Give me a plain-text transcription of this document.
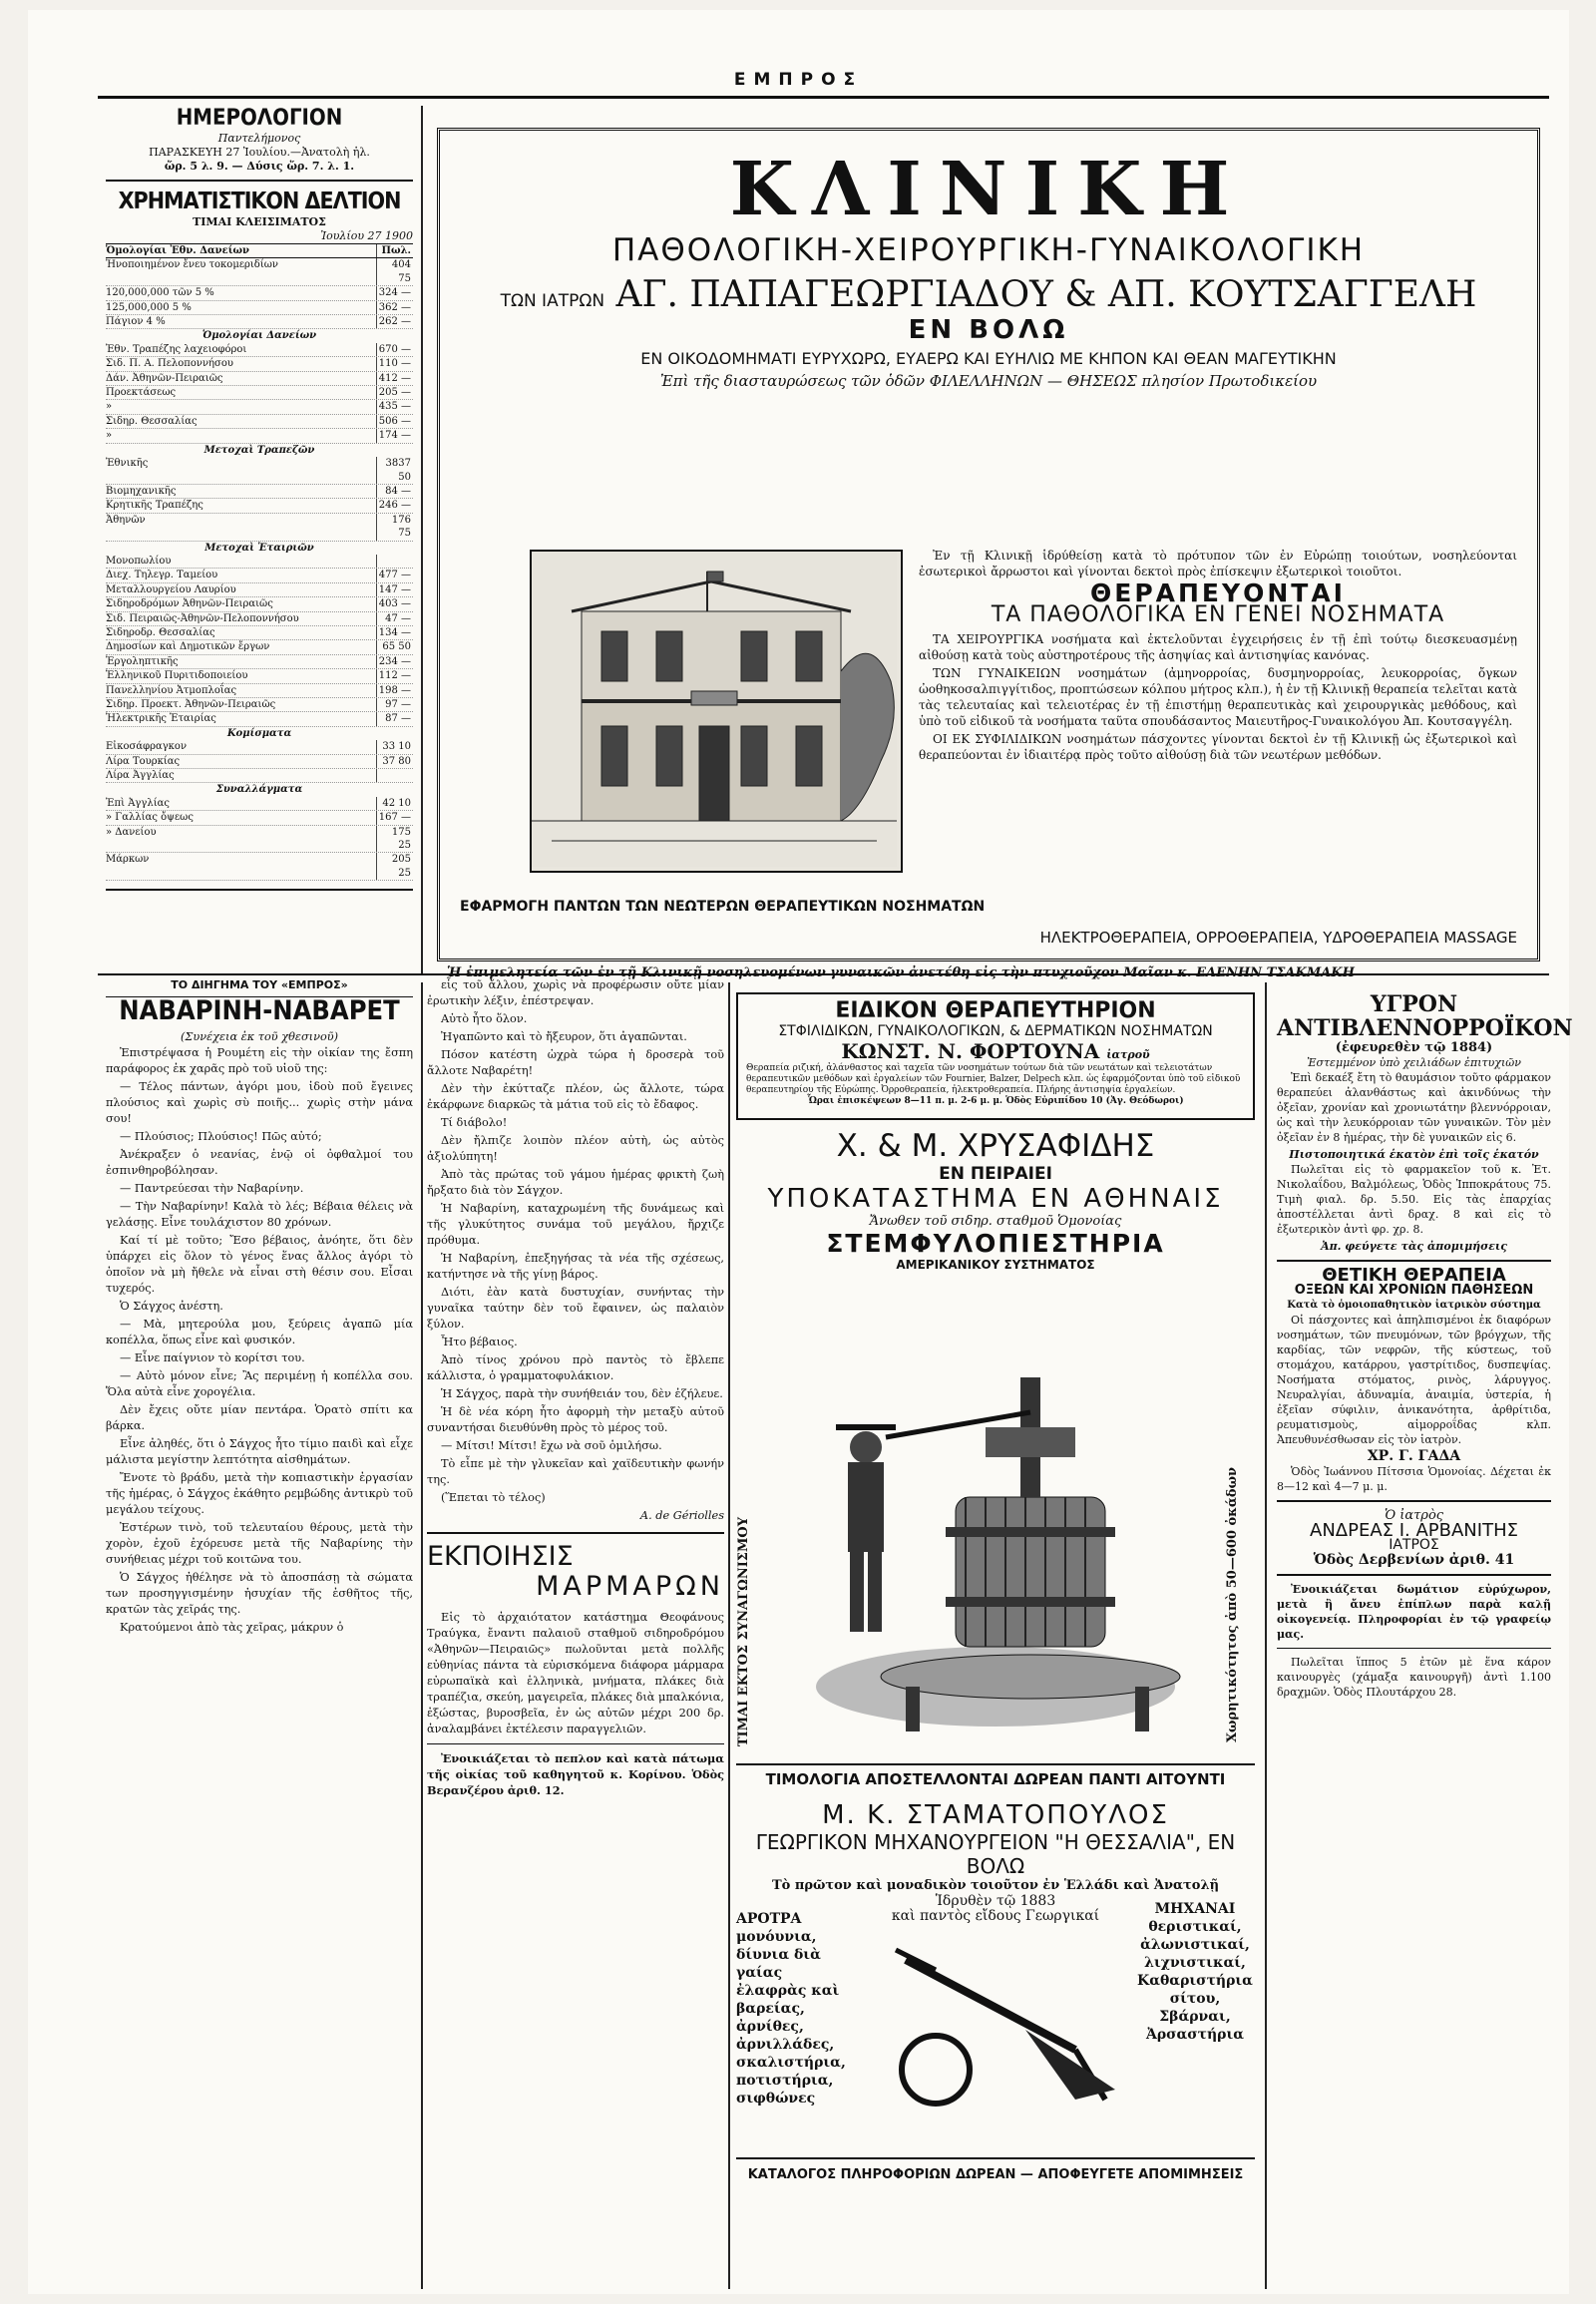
ΕΜΠΡΟΣ
ΗΜΕΡΟΛΟΓΙΟΝ
Παντελήμονος
ΠΑΡΑΣΚΕΥΗ 27 Ἰουλίου.—Ἀνατολὴ ἡλ.
ὥρ. 5 λ. 9. — Δύσις ὥρ. 7. λ. 1.
ΧΡΗΜΑΤΙΣΤΙΚΟΝ ΔΕΛΤΙΟΝ
ΤΙΜΑΙ ΚΛΕΙΣΙΜΑΤΟΣ
Ἰουλίου 27 1900
Ὁμολογίαι Ἐθν. Δανείων	Πωλ.
Ἠνοποιημένον ἔνευ τοκομεριδίων	404 75
120,000,000 τῶν 5 %	324 —
125,000,000 5 %	362 —
Πάγιον 4 %	262 —
Ὁμολογίαι Δανείων
Ἐθν. Τραπέζης λαχειοφόροι	670 —
Σιδ. Π. Α. Πελοποννήσου	110 —
Δάν. Ἀθηνῶν-Πειραιῶς	412 —
Προεκτάσεως	205 —
»	435 —
Σιδηρ. Θεσσαλίας	506 —
»	174 —
Μετοχαὶ Τραπεζῶν
Ἐθνικῆς	3837 50
Βιομηχανικῆς	84 —
Κρητικῆς Τραπέζης	246 —
Ἀθηνῶν	176 75
Μετοχαὶ Ἑταιριῶν
Μονοπωλίου
Διεχ. Τηλεγρ. Ταμείου	477 —
Μεταλλουργείου Λαυρίου	147 —
Σιδηροδρόμων Ἀθηνῶν-Πειραιῶς	403 —
Σιδ. Πειραιῶς-Ἀθηνῶν-Πελοποννήσου	47 —
Σιδηροδρ. Θεσσαλίας	134 —
Δημοσίων καὶ Δημοτικῶν ἔργων	65 50
Ἐργοληπτικῆς	234 —
Ἑλληνικοῦ Πυριτιδοποιείου	112 —
Πανελληνίου Ἀτμοπλοΐας	198 —
Σιδηρ. Προεκτ. Ἀθηνῶν-Πειραιῶς	97 —
Ἠλεκτρικῆς Ἑταιρίας	87 —
Κομίσματα
Εἰκοσάφραγκον	33 10
Λίρα Τουρκίας	37 80
Λίρα Ἀγγλίας
Συναλλάγματα
Ἐπὶ Ἀγγλίας	42 10
» Γαλλίας ὄψεως	167 —
» Δανείου	175 25
Μάρκων	205 25
ΚΛΙΝΙΚΗ
ΠΑΘΟΛΟΓΙΚΗ-ΧΕΙΡΟΥΡΓΙΚΗ-ΓΥΝΑΙΚΟΛΟΓΙΚΗ
ΤΩΝ ΙΑΤΡΩΝ ΑΓ. ΠΑΠΑΓΕΩΡΓΙΑΔΟΥ & ΑΠ. ΚΟΥΤΣΑΓΓΕΛΗ
ΕΝ ΒΟΛΩ
ΕΝ ΟΙΚΟΔΟΜΗΜΑΤΙ ΕΥΡΥΧΩΡΩ, ΕΥΑΕΡΩ ΚΑΙ ΕΥΗΛΙΩ ΜΕ ΚΗΠΟΝ ΚΑΙ ΘΕΑΝ ΜΑΓΕΥΤΙΚΗΝ
Ἐπὶ τῆς διασταυρώσεως τῶν ὁδῶν ΦΙΛΕΛΛΗΝΩΝ — ΘΗΣΕΩΣ πλησίον Πρωτοδικείου

Ἐν τῇ Κλινικῇ ἱδρύθείσῃ κατὰ τὸ πρότυπον τῶν ἐν Εὐρώπῃ τοιούτων, νοσηλεύονται ἐσωτερικοὶ ἄρρωστοι καὶ γίνονται δεκτοὶ πρὸς ἐπίσκεψιν ἐξωτερικοὶ τοιοῦτοι.

ΘΕΡΑΠΕΥΟΝΤΑΙ
ΤΑ ΠΑΘΟΛΟΓΙΚΑ ΕΝ ΓΕΝΕΙ ΝΟΣΗΜΑΤΑ

ΤΑ ΧΕΙΡΟΥΡΓΙΚΑ νοσήματα καὶ ἐκτελοῦνται ἐγχειρήσεις ἐν τῇ ἐπὶ τούτῳ διεσκευασμένῃ αἰθούσῃ κατὰ τοὺς αὐστηροτέρους τῆς ἀσηψίας καὶ ἀντισηψίας κανόνας.

ΤΩΝ ΓΥΝΑΙΚΕΙΩΝ νοσημάτων (ἀμηνορροίας, δυσμηνορροίας, λευκορροίας, ὄγκων ὠοθηκοσαλπιγγίτιδος, προπτώσεων κόλπου μήτρος κλπ.), ἡ ἐν τῇ Κλινικῇ θεραπεία τελεῖται κατὰ τὰς τελευταίας καὶ τελειοτέρας ἐν τῇ ἐπιστήμῃ θεραπευτικὰς καὶ χειρουργικὰς μεθόδους, καὶ ὑπὸ τοῦ εἰδικοῦ τὰ νοσήματα ταῦτα σπουδάσαντος Μαιευτῆρος-Γυναικολόγου Ἀπ. Κουτσαγγέλη.

ΟΙ ΕΚ ΣΥΦΙΛΙΔΙΚΩΝ νοσημάτων πάσχοντες γίνονται δεκτοὶ ἐν τῇ Κλινικῇ ὡς ἐξωτερικοὶ καὶ θεραπεύονται ἐν ἰδιαιτέρᾳ πρὸς τοῦτο αἰθούσῃ διὰ τῶν νεωτέρων μεθόδων.

ΕΦΑΡΜΟΓΗ ΠΑΝΤΩΝ ΤΩΝ ΝΕΩΤΕΡΩΝ ΘΕΡΑΠΕΥΤΙΚΩΝ ΝΟΣΗΜΑΤΩΝ
ΗΛΕΚΤΡΟΘΕΡΑΠΕΙΑ, ΟΡΡΟΘΕΡΑΠΕΙΑ, ΥΔΡΟΘΕΡΑΠΕΙΑ MASSAGE
ΤΟ ΔΙΗΓΗΜΑ ΤΟΥ «ΕΜΠΡΟΣ»
ΝΑΒΑΡΙΝΗ-ΝΑΒΑΡΕΤ
(Συνέχεια ἐκ τοῦ χθεσινοῦ)

Ἐπιστρέψασα ἡ Ρουμέτη εἰς τὴν οἰκίαν της ἔσπη παράφορος ἐκ χαρᾶς πρὸ τοῦ υἱοῦ της:

— Τέλος πάντων, ἀγόρι μου, ἰδοὺ ποῦ ἔγεινες πλούσιος καὶ χωρὶς σὺ ποιῆς... χωρὶς στὴν μάνα σου!

— Πλούσιος; Πλούσιος! Πῶς αὐτό;

Ἀνέκραξεν ὁ νεανίας, ἐνῷ οἱ ὀφθαλμοί του ἐσπινθηροβόλησαν.

— Παντρεύεσαι τὴν Ναβαρίνην.

— Τὴν Ναβαρίνην! Καλὰ τὸ λές; Βέβαια θέλεις νὰ γελάσῃς. Εἶνε τουλάχιστον 80 χρόνων.

Καί τί μὲ τοῦτο; Ἔσο βέβαιος, ἀνόητε, ὅτι δὲν ὑπάρχει εἰς ὅλον τὸ γένος ἕνας ἄλλος ἀγόρι τὸ ὁποῖον νὰ μὴ ἤθελε νὰ εἶναι στὴ θέσιν σου. Εἶσαι τυχερός.

Ὁ Σάγχος ἀνέστη.

— Μὰ, μητερούλα μου, ξεύρεις ἀγαπῶ μία κοπέλλα, ὅπως εἶνε καὶ φυσικόν.

— Εἶνε παίγνιον τὸ κορίτσι του.

— Αὐτὸ μόνον εἶνε; Ἂς περιμένῃ ἡ κοπέλλα σου. Ὅλα αὐτὰ εἶνε χορογέλια.

Δὲν ἔχεις οὔτε μίαν πεντάρα. Ὁρατὸ σπίτι κα βάρκα.

Εἶνε ἀληθές, ὅτι ὁ Σάγχος ἦτο τίμιο παιδὶ καὶ εἶχε μάλιστα μεγίστην λεπτότητα αἰσθημάτων.

Ἔνοτε τὸ βράδυ, μετὰ τὴν κοπιαστικὴν ἐργασίαν τῆς ἡμέρας, ὁ Σάγχος ἐκάθητο ρεμβώδης ἀντικρὺ τοῦ μεγάλου τείχους.

Ἐστέρων τινὸ, τοῦ τελευταίου θέρους, μετὰ τὴν χορὸν, ἐχοῦ ἐχόρευσε μετὰ τῆς Ναβαρίνης τὴν συνήθειας μέχρι τοῦ κοιτῶνα του.

Ὁ Σάγχος ἠθέλησε νὰ τὸ ἀποσπάσῃ τὰ σώματα των προσηγγισμένην ἡσυχίαν τῆς ἐσθῆτος τῆς, κρατῶν τὰς χεῖράς της.

Κρατούμενοι ἀπὸ τὰς χεῖρας, μάκρυν ὁ

εἷς τοῦ ἄλλου, χωρὶς νὰ προφέρωσιν οὔτε μίαν ἐρωτικὴν λέξιν, ἐπέστρεψαν.

Αὐτὸ ἦτο ὅλον.

Ἠγαπῶντο καὶ τὸ ἤξευρον, ὅτι ἀγαπῶνται.

Πόσον κατέστη ὡχρὰ τώρα ἡ δροσερὰ τοῦ ἄλλοτε Ναβαρέτη!

Δὲν τὴν ἐκύτταζε πλέον, ὡς ἄλλοτε, τώρα ἐκάρφωνε διαρκῶς τὰ μάτια τοῦ εἰς τὸ ἔδαφος.

Τί διάβολο!

Δὲν ἤλπιζε λοιπὸν πλέον αὐτὴ, ὡς αὐτὸς ἀξιολύπητη!

Ἀπὸ τὰς πρώτας τοῦ γάμου ἡμέρας φρικτὴ ζωὴ ἤρξατο διὰ τὸν Σάγχον.

Ἡ Ναβαρίνη, καταχρωμένη τῆς δυνάμεως καὶ τῆς γλυκύτητος συνάμα τοῦ μεγάλου, ἤρχιζε πρόθυμα.

Ἡ Ναβαρίνη, ἐπεξηγήσας τὰ νέα τῆς σχέσεως, κατήντησε νὰ τῆς γίνῃ βάρος.

Διότι, ἐὰν κατὰ δυστυχίαν, συνήντας τὴν γυναῖκα ταύτην δὲν τοῦ ἔφαινεν, ὡς παλαιὸν ξύλον.

Ἦτο βέβαιος.

Ἀπὸ τίνος χρόνου πρὸ παντὸς τὸ ἔβλεπε κάλλιστα, ὁ γραμματοφυλάκιον.

Ἡ Σάγχος, παρὰ τὴν συνήθειάν του, δὲν ἐζήλευε.

Ἡ δὲ νέα κόρη ἦτο ἀφορμὴ τὴν μεταξὺ αὐτοῦ συναντήσαι διευθύνθη πρὸς τὸ μέρος τοῦ.

— Μίτσι! Μίτσι! ἔχω νὰ σοῦ ὁμιλήσω.

Τὸ εἶπε μὲ τὴν γλυκεῖαν καὶ χαϊδευτικὴν φωνήν της.

(Ἕπεται τὸ τέλος)

A. de Gériolles
ΕΚΠΟΙΗΣΙΣ
ΜΑΡΜΑΡΩΝ

Εἰς τὸ ἀρχαιότατον κατάστημα Θεοφάνους Τραύγκα, ἔναντι παλαιοῦ σταθμοῦ σιδηροδρόμου «Ἀθηνῶν—Πειραιῶς» πωλοῦνται μετὰ πολλῆς εὐθηνίας πάντα τὰ εὐρισκόμενα διάφορα μάρμαρα εὐρωπαϊκὰ καὶ ἑλληνικὰ, μνήματα, πλάκες διὰ τραπέζια, σκεύη, μαγειρεῖα, πλάκες διὰ μπαλκόνια, ἐξώστας, βυροσβεῖα, ἐν ὡς αὐτῶν μέχρι 200 δρ. ἀναλαμβάνει ἐκτέλεσιν παραγγελιῶν.

Ἐνοικιάζεται τὸ πεπλον καὶ κατὰ πάτωμα τῆς οἰκίας τοῦ καθηγητοῦ κ. Κορίνου. Ὁδὸς Βερανζέρου ἀριθ. 12.

ΕΙΔΙΚΟΝ ΘΕΡΑΠΕΥΤΗΡΙΟΝ
ΣΤΦΙΛΙΔΙΚΩΝ, ΓΥΝΑΙΚΟΛΟΓΙΚΩΝ, & ΔΕΡΜΑΤΙΚΩΝ ΝΟΣΗΜΑΤΩΝ
ΚΩΝΣΤ. Ν. ΦΟΡΤΟΥΝΑ ἰατροῦ
Θεραπεία ριζική, ἀλάνθαστος καὶ ταχεῖα τῶν νοσημάτων τούτων διὰ τῶν νεωτάτων καὶ τελειοτάτων θεραπευτικῶν μεθόδων καὶ ἐργαλείων τῶν Fournier, Balzer, Delpech κλπ. ὡς ἐφαρμόζονται ὑπὸ τοῦ εἰδικοῦ θεραπευτηρίου τῆς Εὐρώπης. Ὀρροθεραπεία, ἠλεκτροθεραπεία. Πλήρης ἀντισηψία ἐργαλείων.
Ὧραι ἐπισκέψεων 8—11 π. μ. 2-6 μ. μ. Ὁδὸς Εὐριπίδου 10 (Ἀγ. Θεόδωροι)
Χ. & Μ. ΧΡΥΣΑΦΙΔΗΣ
ΕΝ ΠΕΙΡΑΙΕΙ
ΥΠΟΚΑΤΑΣΤΗΜΑ ΕΝ ΑΘΗΝΑΙΣ
Ἄνωθεν τοῦ σιδηρ. σταθμοῦ Ὁμονοίας
ΣΤΕΜΦΥΛΟΠΙΕΣΤΗΡΙΑ
ΑΜΕΡΙΚΑΝΙΚΟΥ ΣΥΣΤΗΜΑΤΟΣ
ΤΙΜΑΙ ΕΚΤΟΣ ΣΥΝΑΓΩΝΙΣΜΟΥ	Χωρητικότητος ἀπὸ 50—600 ὀκάδων
ΤΙΜΟΛΟΓΙΑ ΑΠΟΣΤΕΛΛΟΝΤΑΙ ΔΩΡΕΑΝ ΠΑΝΤΙ ΑΙΤΟΥΝΤΙ
Μ. Κ. ΣΤΑΜΑΤΟΠΟΥΛΟΣ
ΓΕΩΡΓΙΚΟΝ ΜΗΧΑΝΟΥΡΓΕΙΟΝ "Η ΘΕΣΣΑΛΙΑ", ΕΝ ΒΟΛΩ
Τὸ πρῶτον καὶ μοναδικὸν τοιοῦτον ἐν Ἑλλάδι καὶ Ἀνατολῇ
Ἱδρυθὲν τῷ 1883
ΑΡΟΤΡΑ μονόυνια, δίυνια διὰ γαίας ἐλαφρὰς καὶ βαρείας, ἀρνίθες, ἀρνιλλάδες, σκαλιστήρια, ποτιστήρια, σιφθώνες
καὶ παντὸς εἴδους Γεωργικαί	ΜΗΧΑΝΑΙ θεριστικαί, ἀλωνιστικαί, λιχνιστικαί, Καθαριστήρια σίτου, Σβάρναι, Ἀρσαστήρια
ΚΑΤΑΛΟΓΟΣ ΠΛΗΡΟΦΟΡΙΩΝ ΔΩΡΕΑΝ — ΑΠΟΦΕΥΓΕΤΕ ΑΠΟΜΙΜΗΣΕΙΣ
ΥΓΡΟΝ ΑΝΤΙΒΛΕΝΝΟΡΡΟΪΚΟΝ
(ἐφευρεθὲν τῷ 1884)
Ἐστεμμένον ὑπὸ χειλιάδων ἐπιτυχιῶν

Ἐπὶ δεκαέξ ἔτη τὸ θαυμάσιον τοῦτο φάρμακον θεραπεύει ἀλανθάστως καὶ ἀκινδύνως τὴν ὀξεῖαν, χρονίαν καὶ χρονιωτάτην βλεννόρροιαν, ὡς καὶ τὴν λευκόρροιαν τῶν γυναικῶν. Τὸν μὲν ὀξεῖαν ἐν 8 ἡμέρας, τὴν δὲ γυναικῶν εἰς 6.

Πιστοποιητικά ἑκατὸν ἐπὶ τοῖς ἑκατόν

Πωλεῖται εἰς τὸ φαρμακεῖον τοῦ κ. Ἐτ. Νικολαΐδου, Βαλμόλεως, Ὁδὸς Ἱπποκράτους 75. Τιμὴ φιαλ. δρ. 5.50. Εἰς τὰς ἐπαρχίας ἀποστέλλεται ἀντὶ δραχ. 8 καὶ εἰς τὸ ἐξωτερικὸν ἀντὶ φρ. χρ. 8.

Ἀπ. φεύγετε τὰς ἀπομιμήσεις
ΘΕΤΙΚΗ ΘΕΡΑΠΕΙΑ
ΟΞΕΩΝ ΚΑΙ ΧΡΟΝΙΩΝ ΠΑΘΗΣΕΩΝ
Κατὰ τὸ ὁμοιοπαθητικὸν ἰατρικὸν σύστημα

Οἱ πάσχοντες καὶ ἀπηλπισμένοι ἐκ διαφόρων νοσημάτων, τῶν πνευμόνων, τῶν βρόγχων, τῆς καρδίας, τῶν νεφρῶν, τῆς κύστεως, τοῦ στομάχου, κατάρρου, γαστρίτιδος, δυσπεψίας. Νοσήματα στόματος, ρινὸς, λάρυγγος. Νευραλγίαι, ἀδυναμία, ἀναιμία, ὑστερία, ἡ ἐξεῖαν σύφιλιν, ἀνικανότητα, ἀρθρίτιδα, ρευματισμοὺς, αἱμορροΐδας κλπ. Ἀπευθυνέσθωσαν εἰς τὸν ἰατρὸν.

ΧΡ. Γ. ΓΑΔΑ

Ὁδὸς Ἰωάννου Πίτσσια Ὁμονοίας. Δέχεται ἐκ 8—12 καὶ 4—7 μ. μ.

Ὁ ἰατρὸς
ΑΝΔΡΕΑΣ Ι. ΑΡΒΑΝΙΤΗΣ
ΙΑΤΡΟΣ
Ὁδὸς Δερβενίων ἀριθ. 41

Ἐνοικιάζεται δωμάτιον εὐρύχωρον, μετὰ ἢ ἄνευ ἐπίπλων παρὰ καλῇ οἰκογενείᾳ. Πληροφορίαι ἐν τῷ γραφείῳ μας.

Πωλεῖται ἵππος 5 ἐτῶν μὲ ἕνα κάρον καινουργὲς (χάμαξα καινουργῆ) ἀντὶ 1.100 δραχμῶν. Ὁδὸς Πλουτάρχου 28.
